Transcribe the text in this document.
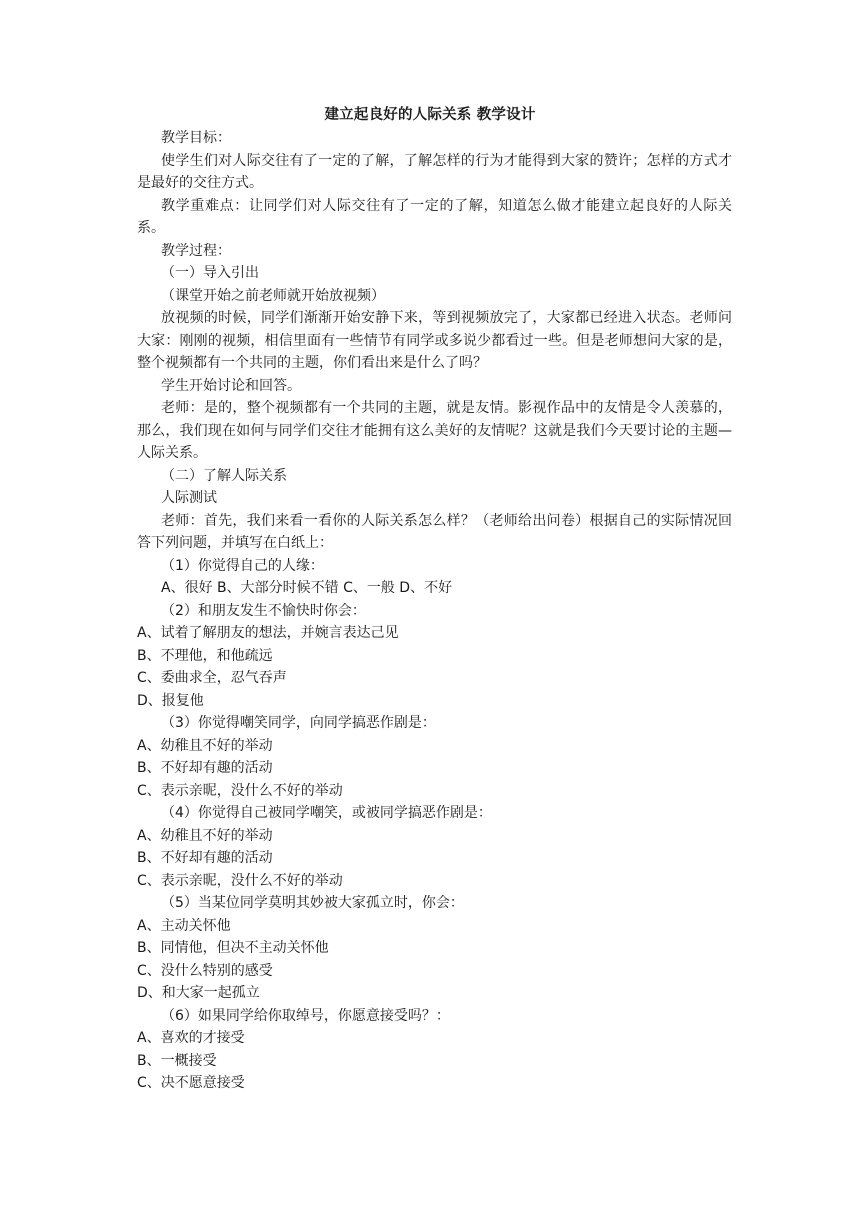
建立起良好的人际关系 教学设计

教学目标：

使学生们对人际交往有了一定的了解，了解怎样的行为才能得到大家的赞许；怎样的方式才是最好的交往方式。

教学重难点：让同学们对人际交往有了一定的了解，知道怎么做才能建立起良好的人际关系。

教学过程：

（一）导入引出

（课堂开始之前老师就开始放视频）

放视频的时候，同学们渐渐开始安静下来，等到视频放完了，大家都已经进入状态。老师问大家：刚刚的视频，相信里面有一些情节有同学或多说少都看过一些。但是老师想问大家的是，整个视频都有一个共同的主题，你们看出来是什么了吗？

学生开始讨论和回答。

老师：是的，整个视频都有一个共同的主题，就是友情。影视作品中的友情是令人羡慕的，那么，我们现在如何与同学们交往才能拥有这么美好的友情呢？这就是我们今天要讨论的主题—人际关系。

（二）了解人际关系

人际测试

老师：首先，我们来看一看你的人际关系怎么样？（老师给出问卷）根据自己的实际情况回答下列问题，并填写在白纸上：

（1）你觉得自己的人缘：

A、很好 B、大部分时候不错 C、一般 D、不好

（2）和朋友发生不愉快时你会：

A、试着了解朋友的想法，并婉言表达己见

B、不理他，和他疏远

C、委曲求全，忍气吞声

D、报复他

（3）你觉得嘲笑同学，向同学搞恶作剧是：

A、幼稚且不好的举动

B、不好却有趣的活动

C、表示亲昵，没什么不好的举动

（4）你觉得自己被同学嘲笑，或被同学搞恶作剧是：

A、幼稚且不好的举动

B、不好却有趣的活动

C、表示亲昵，没什么不好的举动

（5）当某位同学莫明其妙被大家孤立时，你会：

A、主动关怀他

B、同情他，但决不主动关怀他

C、没什么特别的感受

D、和大家一起孤立

（6）如果同学给你取绰号，你愿意接受吗？：

A、喜欢的才接受

B、一概接受

C、决不愿意接受
